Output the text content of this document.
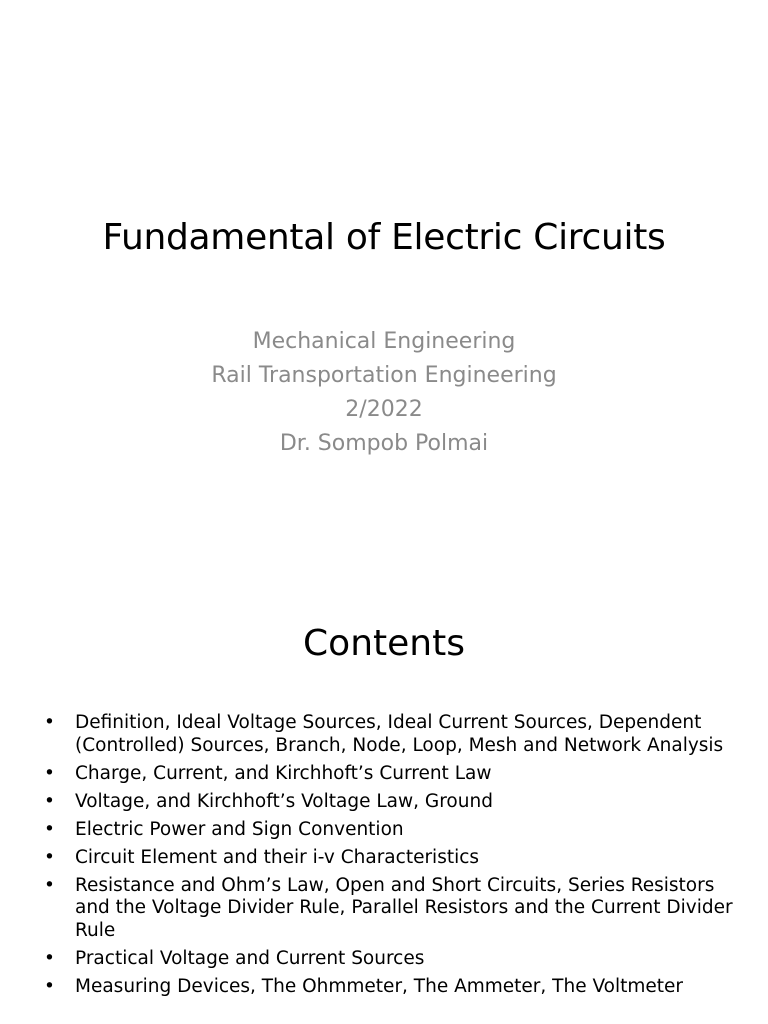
Fundamental of Electric Circuits
Mechanical Engineering
Rail Transportation Engineering
2/2022
Dr. Sompob Polmai
Contents
• Definition, Ideal Voltage Sources, Ideal Current Sources, Dependent (Controlled) Sources, Branch, Node, Loop, Mesh and Network Analysis
• Charge, Current, and Kirchhoft’s Current Law
• Voltage, and Kirchhoft’s Voltage Law, Ground
• Electric Power and Sign Convention
• Circuit Element and their i-v Characteristics
• Resistance and Ohm’s Law, Open and Short Circuits, Series Resistors and the Voltage Divider Rule, Parallel Resistors and the Current Divider Rule
• Practical Voltage and Current Sources
• Measuring Devices, The Ohmmeter, The Ammeter, The Voltmeter
